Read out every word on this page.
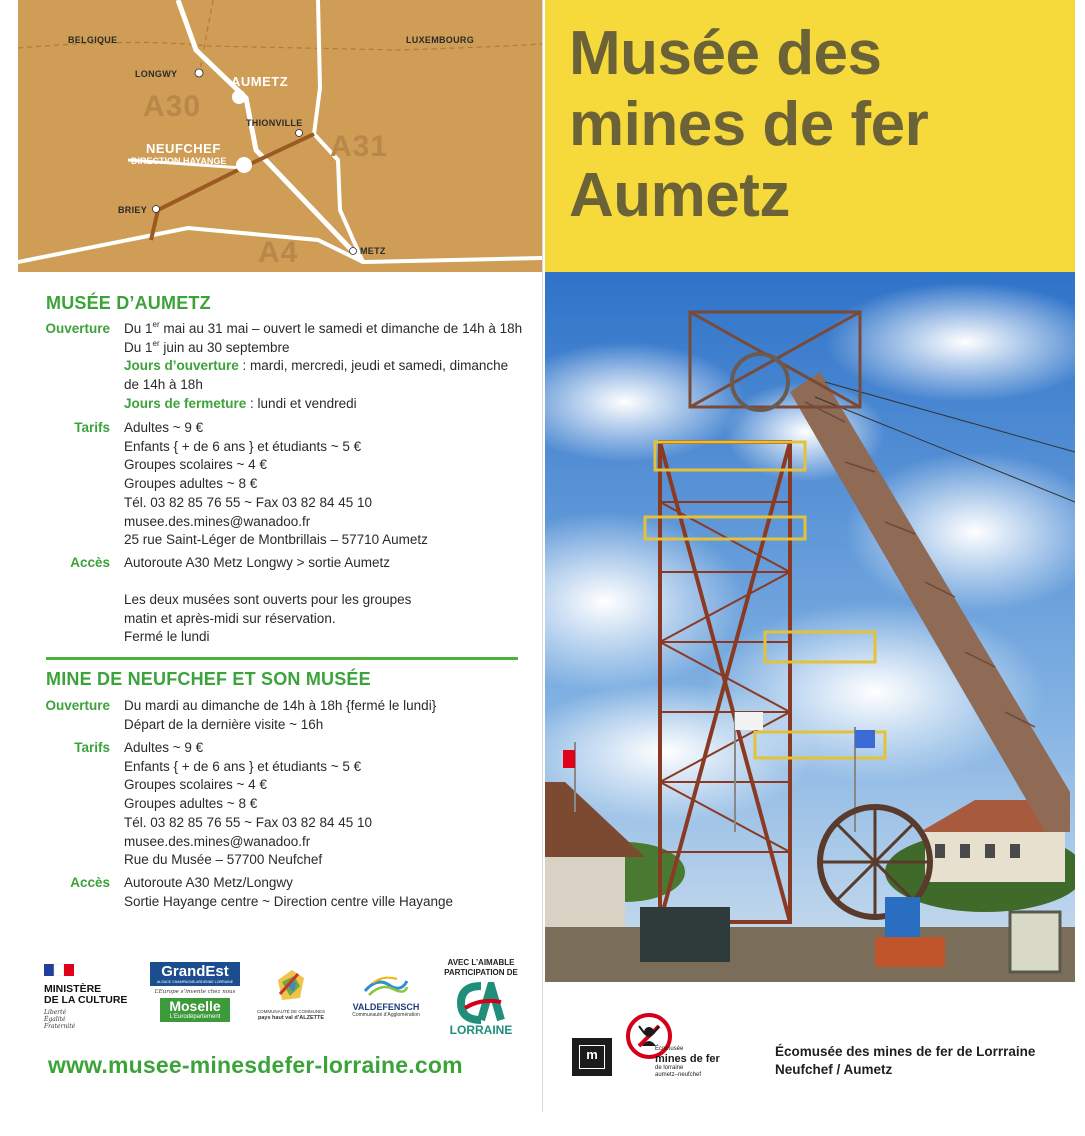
BELGIQUE	LUXEMBOURG
LONGWY	AUMETZ
THIONVILLE
NEUFCHEF
DIRECTION HAYANGE
BRIEY
METZ
A30
A31
A4
MUSÉE D’AUMETZ
Ouverture Du 1er mai au 31 mai – ouvert le samedi et dimanche de 14h à 18h
Du 1er juin au 30 septembre
Jours d’ouverture : mardi, mercredi, jeudi et samedi, dimanche
de 14h à 18h
Jours de fermeture : lundi et vendredi
Tarifs Adultes ~ 9 €
Enfants { + de 6 ans } et étudiants ~ 5 €
Groupes scolaires ~ 4 €
Groupes adultes ~ 8 €
Tél. 03 82 85 76 55 ~ Fax 03 82 84 45 10
musee.des.mines@wanadoo.fr
25 rue Saint-Léger de Montbrillais – 57710 Aumetz
Accès Autoroute A30 Metz Longwy > sortie Aumetz
Les deux musées sont ouverts pour les groupes
matin et après-midi sur réservation.
Fermé le lundi
MINE DE NEUFCHEF ET SON MUSÉE
Ouverture Du mardi au dimanche de 14h à 18h {fermé le lundi}
Départ de la dernière visite ~ 16h
Tarifs Adultes ~ 9 €
Enfants { + de 6 ans } et étudiants ~ 5 €
Groupes scolaires ~ 4 €
Groupes adultes ~ 8 €
Tél. 03 82 85 76 55 ~ Fax 03 82 84 45 10
musee.des.mines@wanadoo.fr
Rue du Musée – 57700 Neufchef
Accès Autoroute A30 Metz/Longwy
Sortie Hayange centre ~ Direction centre ville Hayange
MINISTÈRE
DE LA CULTURE
Liberté
Égalité
Fraternité
GrandEst
ALSACE CHAMPAGNE-ARDENNE LORRAINE
L’Europe s’invente chez nous
Moselle
L’Eurodépartement
COMMUNAUTÉ DE COMMUNES
pays haut val d’ALZETTE
VALDEFENSCH
Communauté d’Agglomération
AVEC L’AIMABLE
PARTICIPATION DE
LORRAINE
www.musee-minesdefer-lorraine.com
Musée des
mines de fer
Aumetz
m	Écomusée
mines de fer
de lorraine
aumetz–neufchef
Écomusée des mines de fer de Lorrraine
Neufchef / Aumetz
